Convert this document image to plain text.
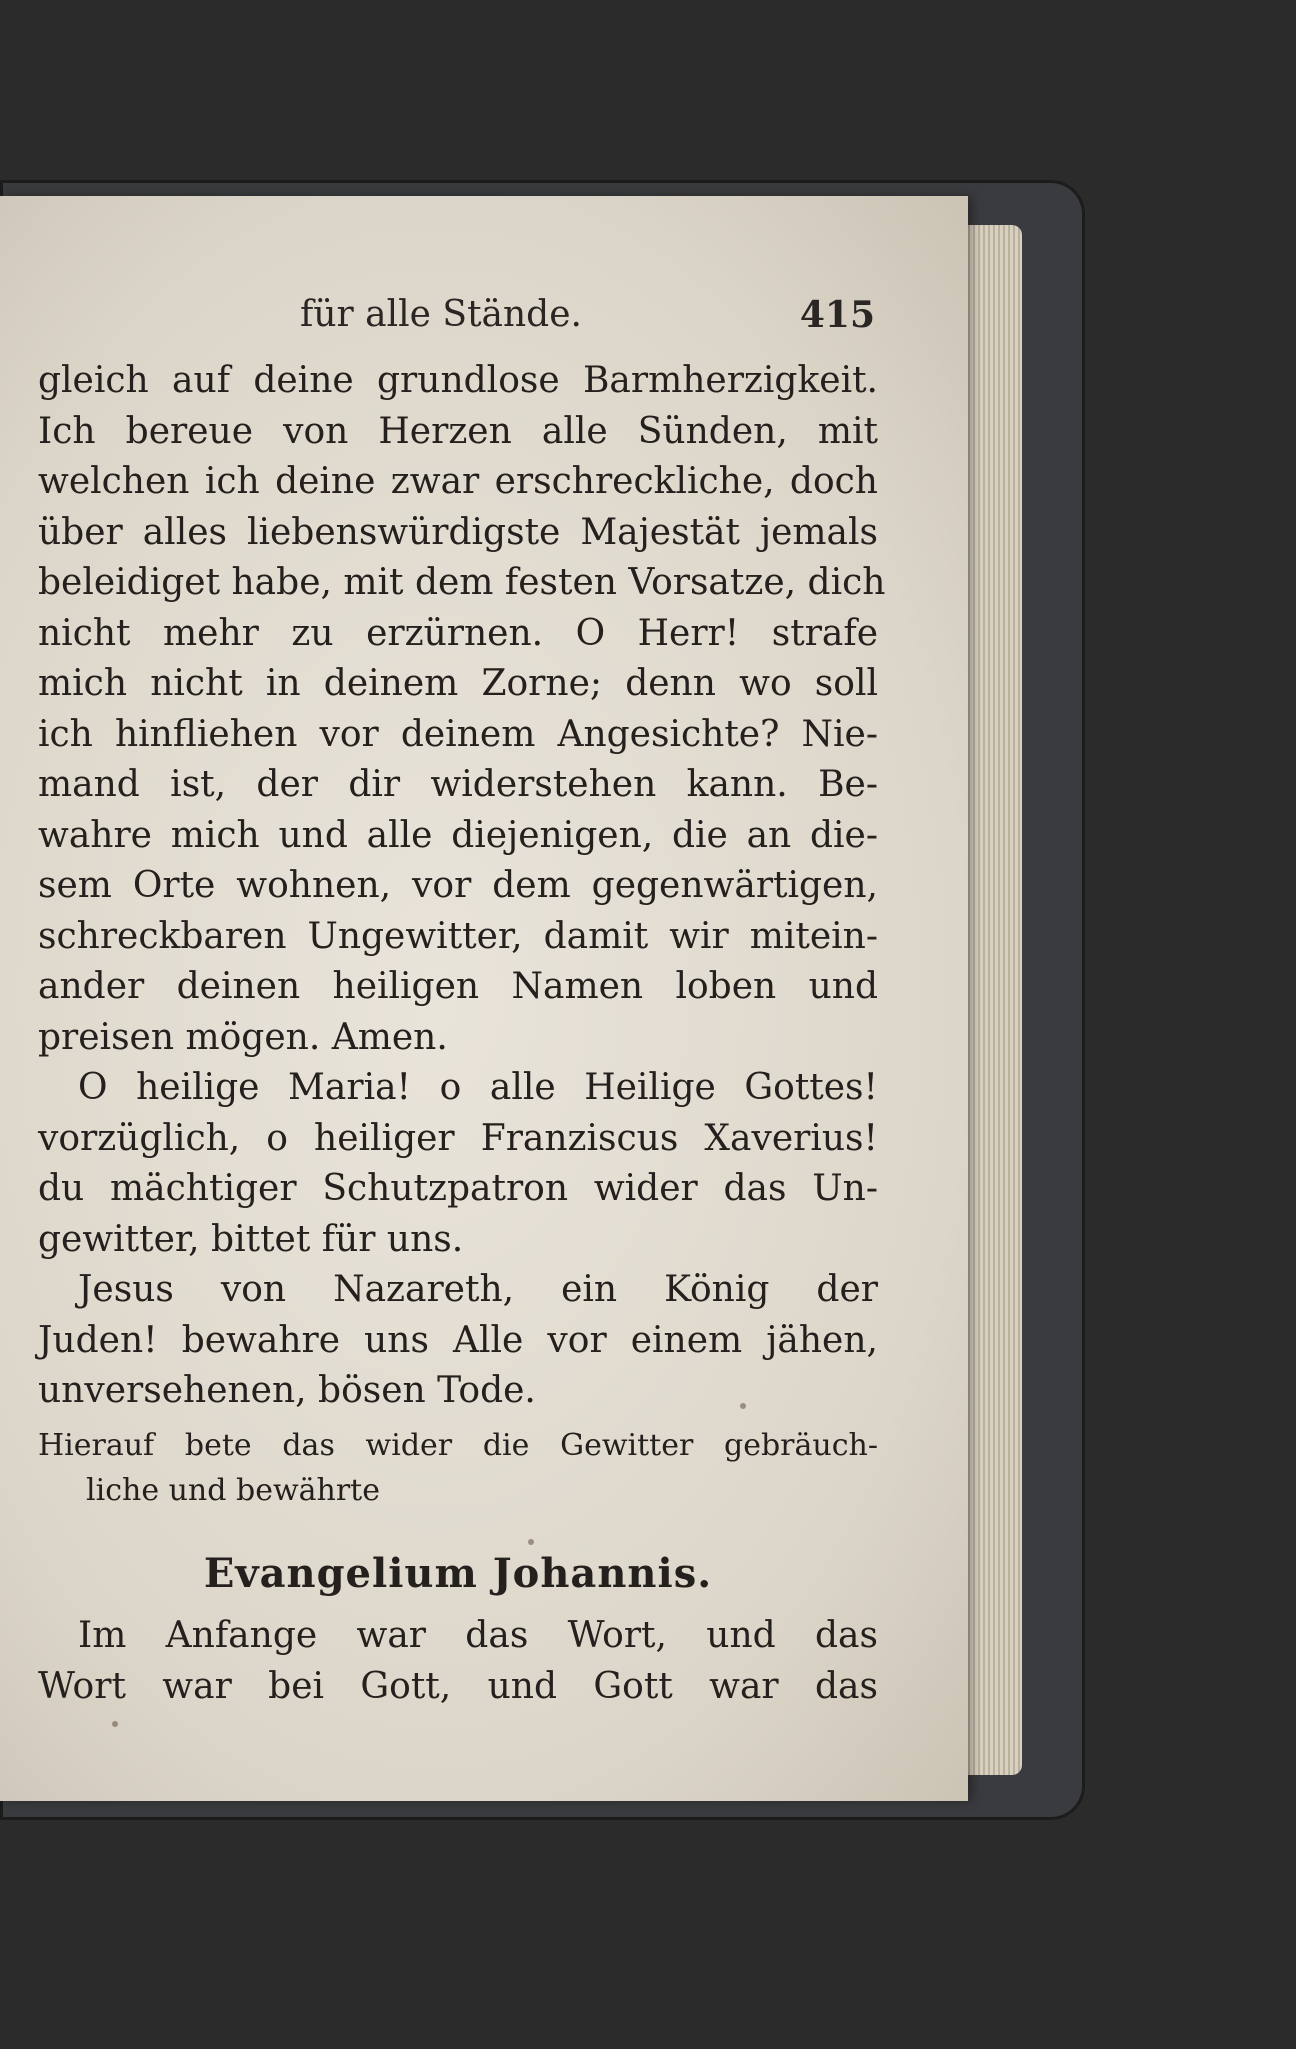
für alle Stände.	415
gleich auf deine grundlose Barmherzigkeit.
Ich bereue von Herzen alle Sünden, mit
welchen ich deine zwar erschreckliche, doch
über alles liebenswürdigste Majestät jemals
beleidiget habe, mit dem festen Vorsatze, dich
nicht mehr zu erzürnen. O Herr! strafe
mich nicht in deinem Zorne; denn wo soll
ich hinfliehen vor deinem Angesichte? Nie-
mand ist, der dir widerstehen kann. Be-
wahre mich und alle diejenigen, die an die-
sem Orte wohnen, vor dem gegenwärtigen,
schreckbaren Ungewitter, damit wir mitein-
ander deinen heiligen Namen loben und
preisen mögen. Amen.
O heilige Maria! o alle Heilige Gottes!
vorzüglich, o heiliger Franziscus Xaverius!
du mächtiger Schutzpatron wider das Un-
gewitter, bittet für uns.
Jesus von Nazareth, ein König der
Juden! bewahre uns Alle vor einem jähen,
unversehenen, bösen Tode.
Hierauf bete das wider die Gewitter gebräuch-
liche und bewährte
Evangelium Johannis.
Im Anfange war das Wort, und das
Wort war bei Gott, und Gott war das
